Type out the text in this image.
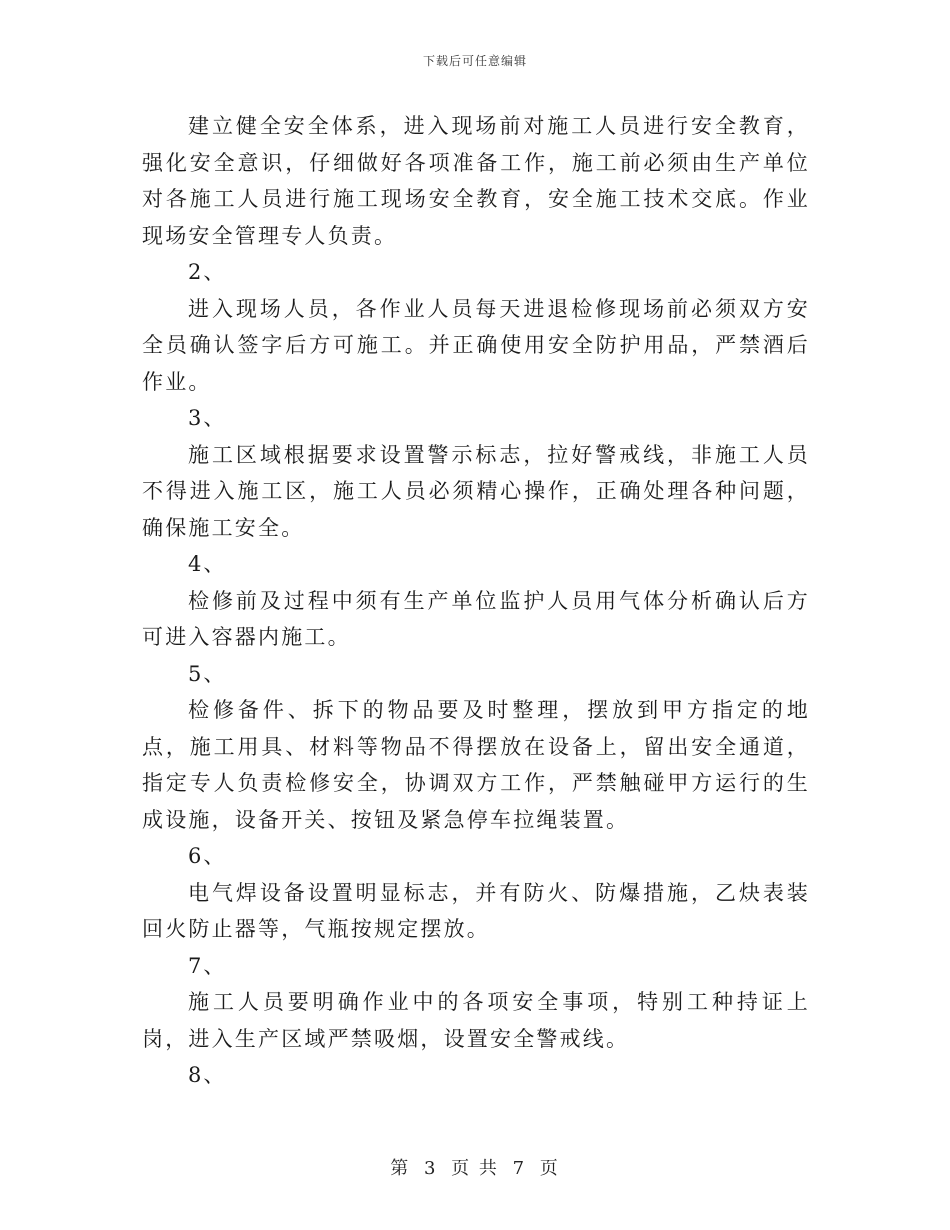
下载后可任意编辑

建立健全安全体系，进入现场前对施工人员进行安全教育，强化安全意识，仔细做好各项准备工作，施工前必须由生产单位对各施工人员进行施工现场安全教育，安全施工技术交底。作业现场安全管理专人负责。

2、

进入现场人员，各作业人员每天进退检修现场前必须双方安全员确认签字后方可施工。并正确使用安全防护用品，严禁酒后作业。

3、

施工区域根据要求设置警示标志，拉好警戒线，非施工人员不得进入施工区，施工人员必须精心操作，正确处理各种问题，确保施工安全。

4、

检修前及过程中须有生产单位监护人员用气体分析确认后方可进入容器内施工。

5、

检修备件、拆下的物品要及时整理，摆放到甲方指定的地点，施工用具、材料等物品不得摆放在设备上，留出安全通道，指定专人负责检修安全，协调双方工作，严禁触碰甲方运行的生成设施，设备开关、按钮及紧急停车拉绳装置。

6、

电气焊设备设置明显标志，并有防火、防爆措施，乙炔表装回火防止器等，气瓶按规定摆放。

7、

施工人员要明确作业中的各项安全事项，特别工种持证上岗，进入生产区域严禁吸烟，设置安全警戒线。

8、

第 3 页 共 7 页
